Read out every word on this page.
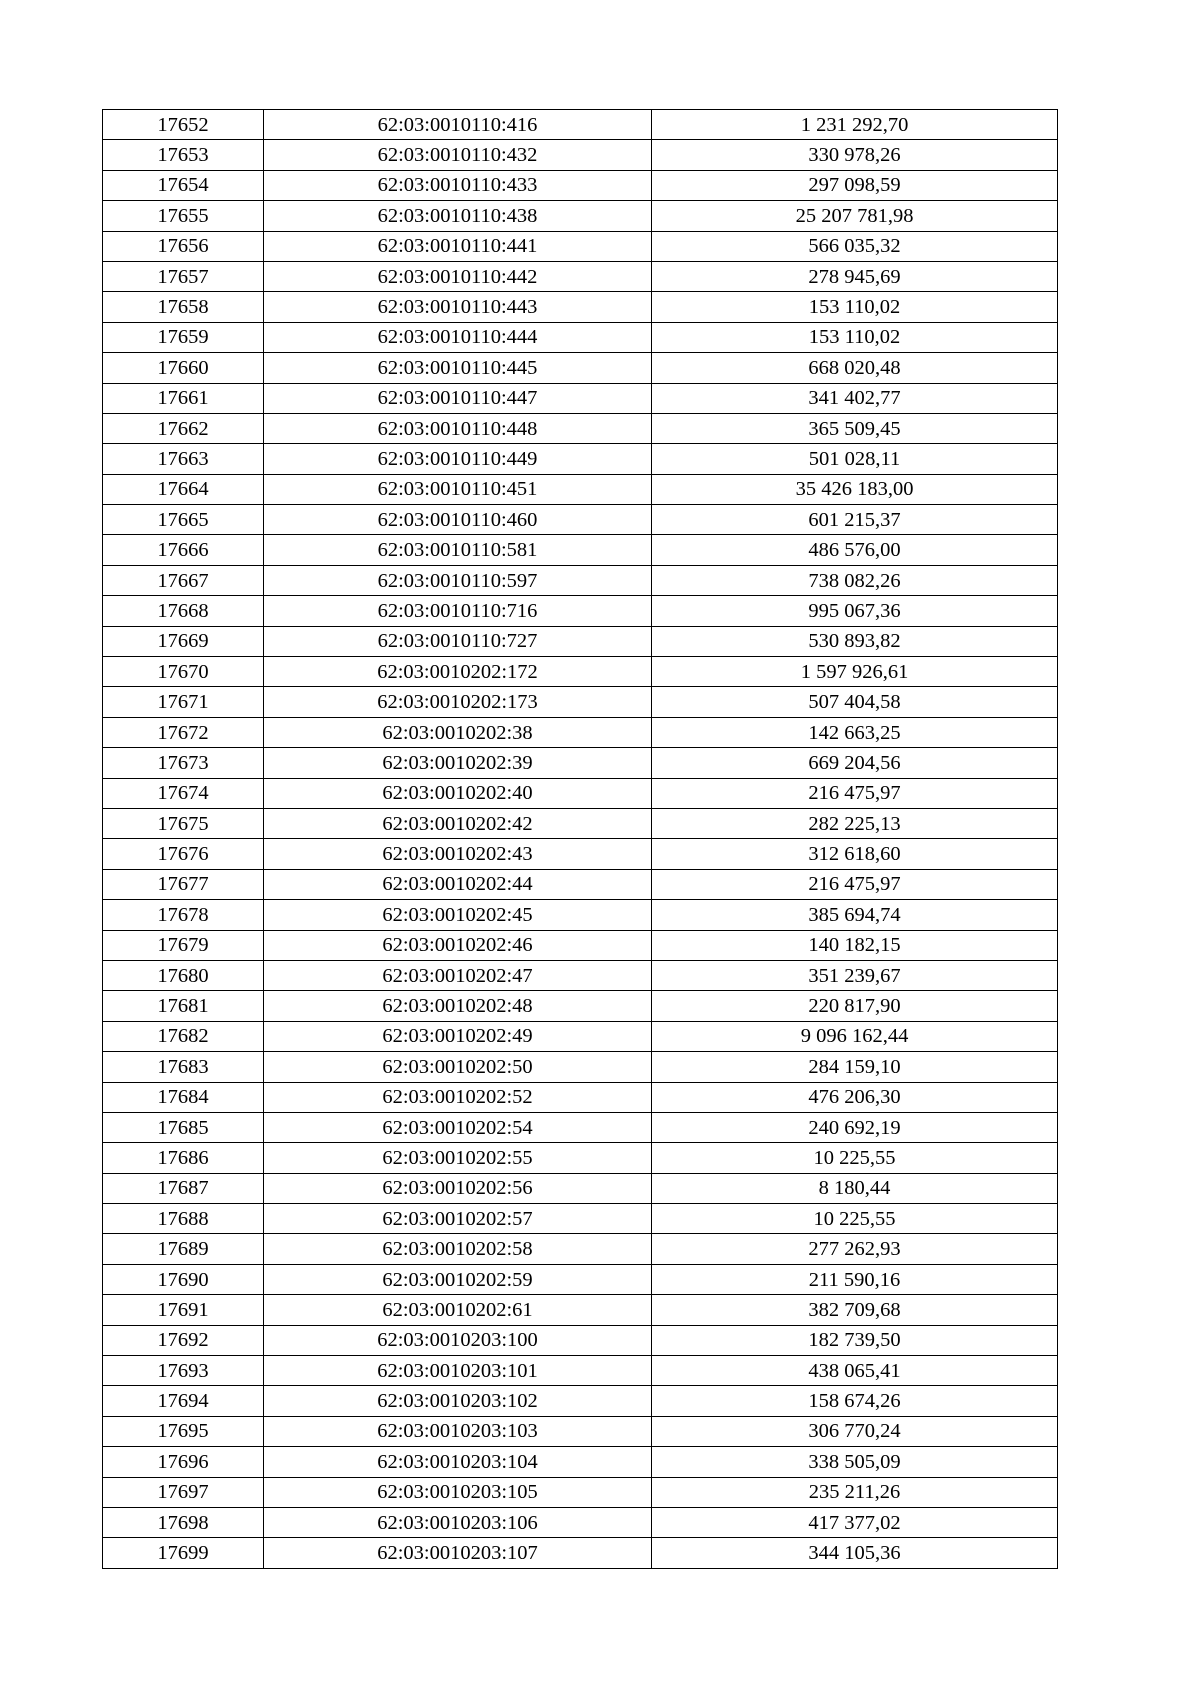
17652	62:03:0010110:416	1 231 292,70
17653	62:03:0010110:432	330 978,26
17654	62:03:0010110:433	297 098,59
17655	62:03:0010110:438	25 207 781,98
17656	62:03:0010110:441	566 035,32
17657	62:03:0010110:442	278 945,69
17658	62:03:0010110:443	153 110,02
17659	62:03:0010110:444	153 110,02
17660	62:03:0010110:445	668 020,48
17661	62:03:0010110:447	341 402,77
17662	62:03:0010110:448	365 509,45
17663	62:03:0010110:449	501 028,11
17664	62:03:0010110:451	35 426 183,00
17665	62:03:0010110:460	601 215,37
17666	62:03:0010110:581	486 576,00
17667	62:03:0010110:597	738 082,26
17668	62:03:0010110:716	995 067,36
17669	62:03:0010110:727	530 893,82
17670	62:03:0010202:172	1 597 926,61
17671	62:03:0010202:173	507 404,58
17672	62:03:0010202:38	142 663,25
17673	62:03:0010202:39	669 204,56
17674	62:03:0010202:40	216 475,97
17675	62:03:0010202:42	282 225,13
17676	62:03:0010202:43	312 618,60
17677	62:03:0010202:44	216 475,97
17678	62:03:0010202:45	385 694,74
17679	62:03:0010202:46	140 182,15
17680	62:03:0010202:47	351 239,67
17681	62:03:0010202:48	220 817,90
17682	62:03:0010202:49	9 096 162,44
17683	62:03:0010202:50	284 159,10
17684	62:03:0010202:52	476 206,30
17685	62:03:0010202:54	240 692,19
17686	62:03:0010202:55	10 225,55
17687	62:03:0010202:56	8 180,44
17688	62:03:0010202:57	10 225,55
17689	62:03:0010202:58	277 262,93
17690	62:03:0010202:59	211 590,16
17691	62:03:0010202:61	382 709,68
17692	62:03:0010203:100	182 739,50
17693	62:03:0010203:101	438 065,41
17694	62:03:0010203:102	158 674,26
17695	62:03:0010203:103	306 770,24
17696	62:03:0010203:104	338 505,09
17697	62:03:0010203:105	235 211,26
17698	62:03:0010203:106	417 377,02
17699	62:03:0010203:107	344 105,36
